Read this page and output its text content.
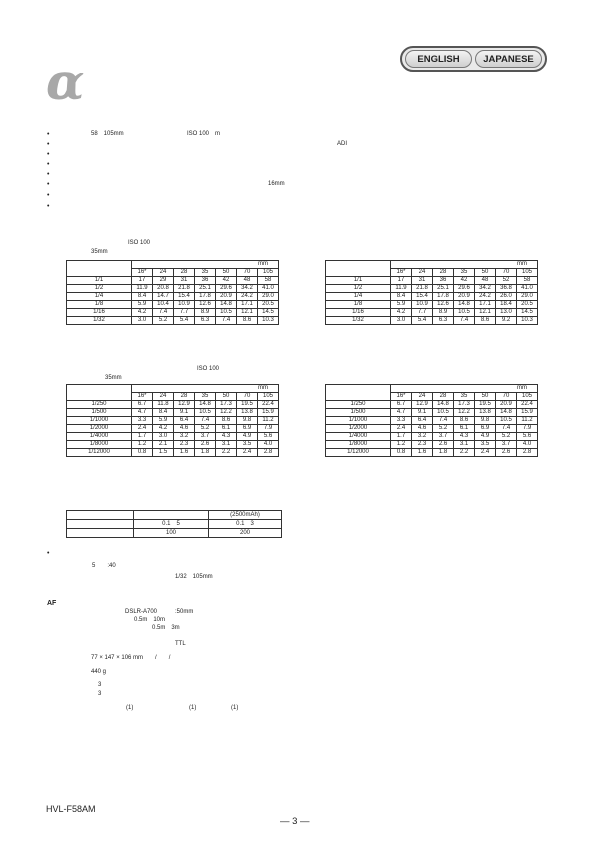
ENGLISH	JAPANESE
α
•	58　105mm	ISO 100　m
•	ADI
•
•
•
•	16mm
•
•
ISO 100
35mm
	mm						
	16*	24	28	35	50	70	105
1/1	17	29	31	36	42	48	58
1/2	11.9	20.8	21.8	25.1	29.6	34.2	41.0
1/4	8.4	14.7	15.4	17.8	20.9	24.2	29.0
1/8	5.9	10.4	10.9	12.6	14.8	17.1	20.5
1/16	4.2	7.4	7.7	8.9	10.5	12.1	14.5
1/32	3.0	5.2	5.4	6.3	7.4	8.6	10.3
	mm						
	16*	24	28	35	50	70	105
1/1	17	31	36	42	48	52	58
1/2	11.9	21.8	25.1	29.6	34.2	36.8	41.0
1/4	8.4	15.4	17.8	20.9	24.2	26.0	29.0
1/8	5.9	10.9	12.6	14.8	17.1	18.4	20.5
1/16	4.2	7.7	8.9	10.5	12.1	13.0	14.5
1/32	3.0	5.4	6.3	7.4	8.6	9.2	10.3
ISO 100
35mm
	mm						
	16*	24	28	35	50	70	105
1/250	6.7	11.8	12.9	14.8	17.3	19.5	22.4
1/500	4.7	8.4	9.1	10.5	12.2	13.8	15.9
1/1000	3.3	5.9	6.4	7.4	8.6	9.8	11.2
1/2000	2.4	4.2	4.6	5.2	6.1	6.9	7.9
1/4000	1.7	3.0	3.2	3.7	4.3	4.9	5.6
1/8000	1.2	2.1	2.3	2.6	3.1	3.5	4.0
1/12000	0.8	1.5	1.6	1.8	2.2	2.4	2.8
	mm						
	16*	24	28	35	50	70	105
1/250	6.7	12.9	14.8	17.3	19.5	20.9	22.4
1/500	4.7	9.1	10.5	12.2	13.8	14.8	15.9
1/1000	3.3	6.4	7.4	8.6	9.8	10.5	11.2
1/2000	2.4	4.6	5.2	6.1	6.9	7.4	7.9
1/4000	1.7	3.2	3.7	4.3	4.9	5.2	5.6
1/8000	1.2	2.3	2.6	3.1	3.5	3.7	4.0
1/12000	0.8	1.6	1.8	2.2	2.4	2.6	2.8
		(2500mAh)
	0.1　5	0.1　3
	100	200
•
5　　:40
1/32　105mm
AF
DSLR-A700　　　:50mm
0.5m　10m
0.5m　3m
TTL
77 × 147 × 106 mm　　/　　/
440 g
3
3
(1)	(1)	(1)
HVL-F58AM
— 3 —
